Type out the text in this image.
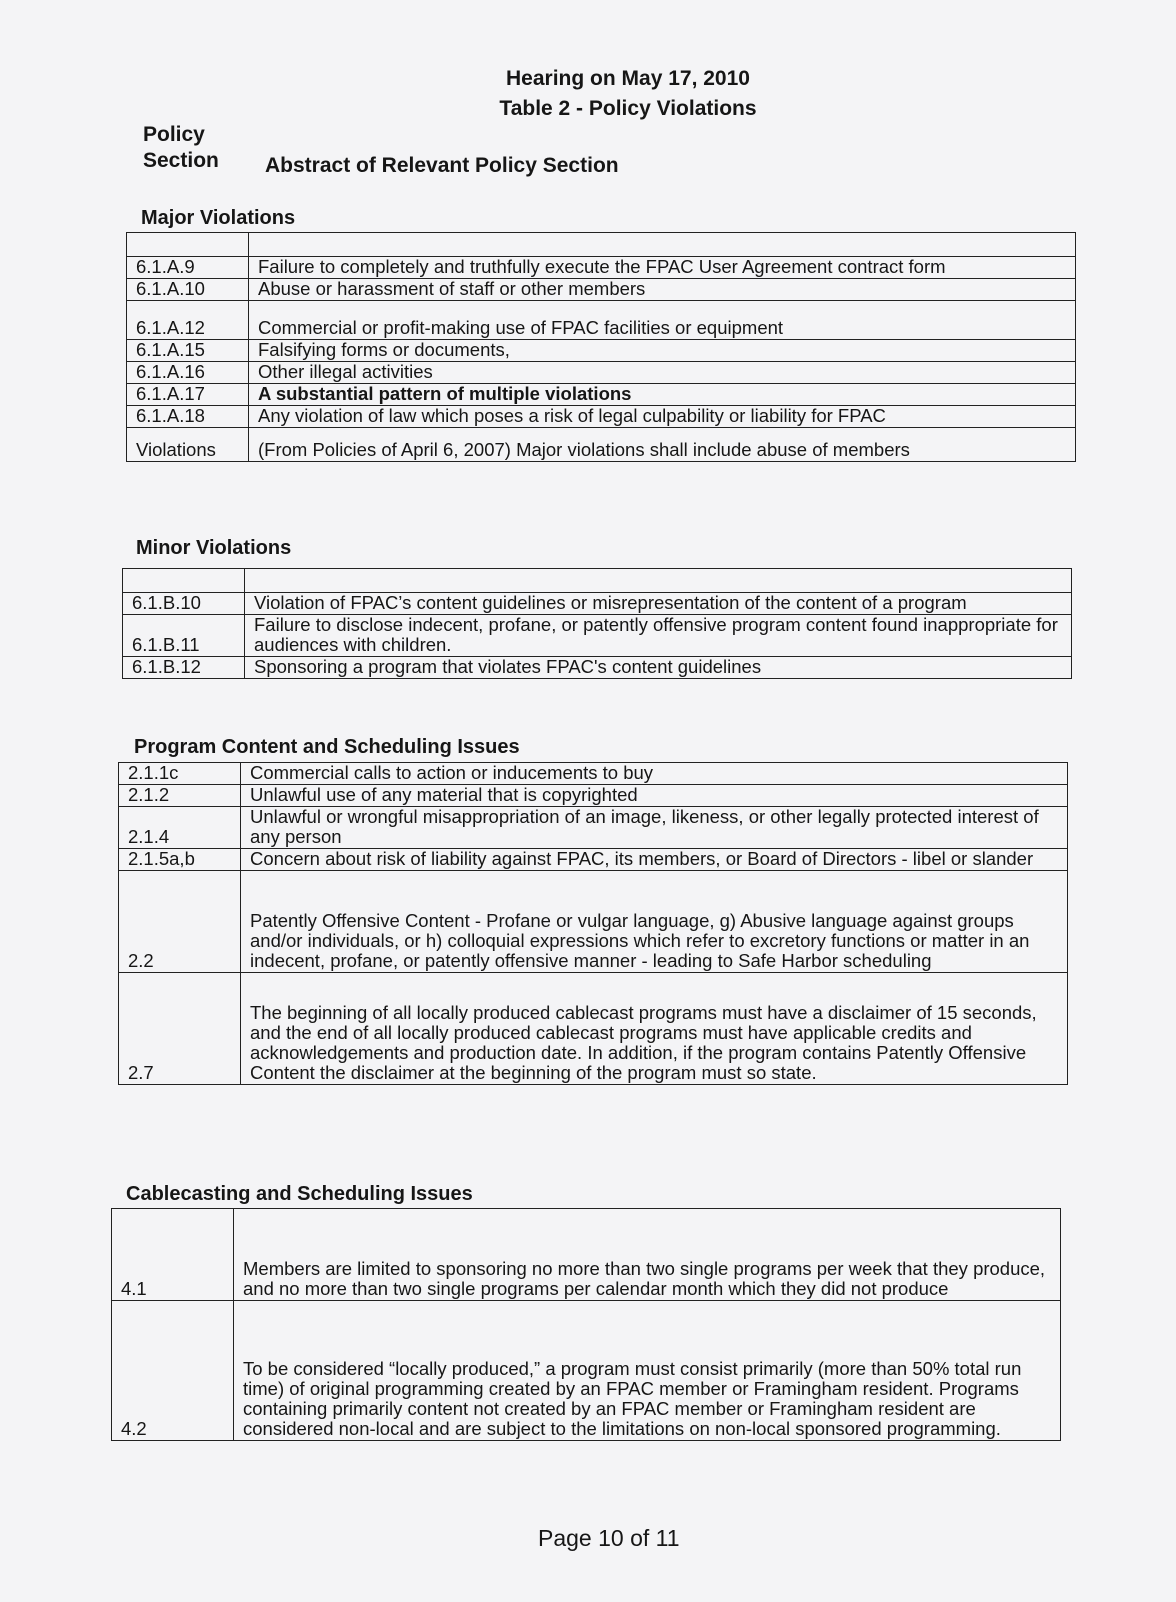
Hearing on May 17, 2010
Table 2 - Policy Violations
Policy
Section Abstract of Relevant Policy Section
Major Violations

6.1.A.9	Failure to completely and truthfully execute the FPAC User Agreement contract form
6.1.A.10	Abuse or harassment of staff or other members
6.1.A.12	Commercial or profit-making use of FPAC facilities or equipment
6.1.A.15	Falsifying forms or documents,
6.1.A.16	Other illegal activities
6.1.A.17	A substantial pattern of multiple violations
6.1.A.18	Any violation of law which poses a risk of legal culpability or liability for FPAC
Violations	(From Policies of April 6, 2007) Major violations shall include abuse of members
Minor Violations

6.1.B.10	Violation of FPAC’s content guidelines or misrepresentation of the content of a program
6.1.B.11	Failure to disclose indecent, profane, or patently offensive program content found inappropriate for audiences with children.
6.1.B.12	Sponsoring a program that violates FPAC's content guidelines
Program Content and Scheduling Issues
2.1.1c	Commercial calls to action or inducements to buy
2.1.2	Unlawful use of any material that is copyrighted
2.1.4	Unlawful or wrongful misappropriation of an image, likeness, or other legally protected interest of any person
2.1.5a,b	Concern about risk of liability against FPAC, its members, or Board of Directors - libel or slander
2.2	Patently Offensive Content - Profane or vulgar language, g) Abusive language against groups and/or individuals, or h) colloquial expressions which refer to excretory functions or matter in an indecent, profane, or patently offensive manner - leading to Safe Harbor scheduling
2.7	The beginning of all locally produced cablecast programs must have a disclaimer of 15 seconds, and the end of all locally produced cablecast programs must have applicable credits and acknowledgements and production date. In addition, if the program contains Patently Offensive Content the disclaimer at the beginning of the program must so state.
Cablecasting and Scheduling Issues
4.1	Members are limited to sponsoring no more than two single programs per week that they produce, and no more than two single programs per calendar month which they did not produce
4.2	To be considered “locally produced,” a program must consist primarily (more than 50% total run time) of original programming created by an FPAC member or Framingham resident. Programs containing primarily content not created by an FPAC member or Framingham resident are considered non-local and are subject to the limitations on non-local sponsored programming.
Page 10 of 11
